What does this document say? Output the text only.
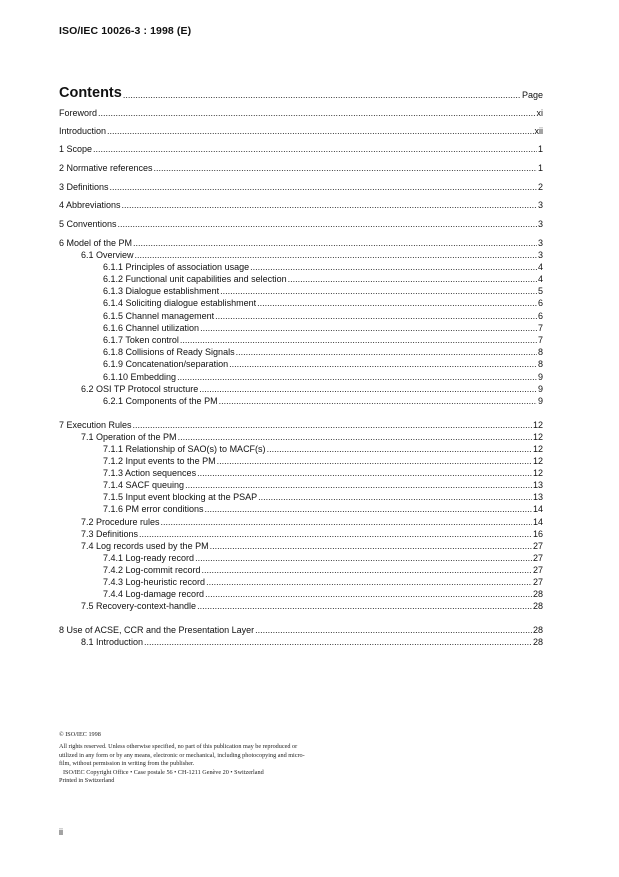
ISO/IEC 10026-3 : 1998 (E)
Contents .....	Page
Foreword .....	xi
Introduction .....	xii
1 Scope .....	1
2 Normative references .....	1
3 Definitions .....	2
4 Abbreviations .....	3
5 Conventions .....	3
6 Model of the PM .....	3
6.1 Overview .....	3
6.1.1 Principles of association usage .....	4
6.1.2 Functional unit capabilities and selection .....	4
6.1.3 Dialogue establishment .....	5
6.1.4 Soliciting dialogue establishment .....	6
6.1.5 Channel management .....	6
6.1.6 Channel utilization .....	7
6.1.7 Token control .....	7
6.1.8 Collisions of Ready Signals .....	8
6.1.9 Concatenation/separation .....	8
6.1.10 Embedding .....	9
6.2 OSI TP Protocol structure .....	9
6.2.1 Components of the PM .....	9
7 Execution Rules .....	12
7.1 Operation of the PM .....	12
7.1.1 Relationship of SAO(s) to MACF(s) .....	12
7.1.2 Input events to the PM .....	12
7.1.3 Action sequences .....	12
7.1.4 SACF queuing .....	13
7.1.5 Input event blocking at the PSAP .....	13
7.1.6 PM error conditions .....	14
7.2 Procedure rules .....	14
7.3 Definitions .....	16
7.4 Log records used by the PM .....	27
7.4.1 Log-ready record .....	27
7.4.2 Log-commit record .....	27
7.4.3 Log-heuristic record .....	27
7.4.4 Log-damage record .....	28
7.5 Recovery-context-handle .....	28
8 Use of ACSE, CCR and the Presentation Layer .....	28
8.1 Introduction .....	28
© ISO/IEC 1998
All rights reserved. Unless otherwise specified, no part of this publication may be reproduced or
utilized in any form or by any means, electronic or mechanical, including photocopying and micro-
film, without permission in writing from the publisher.
ISO/IEC Copyright Office • Case postale 56 • CH-1211 Genève 20 • Switzerland
Printed in Switzerland
ii
